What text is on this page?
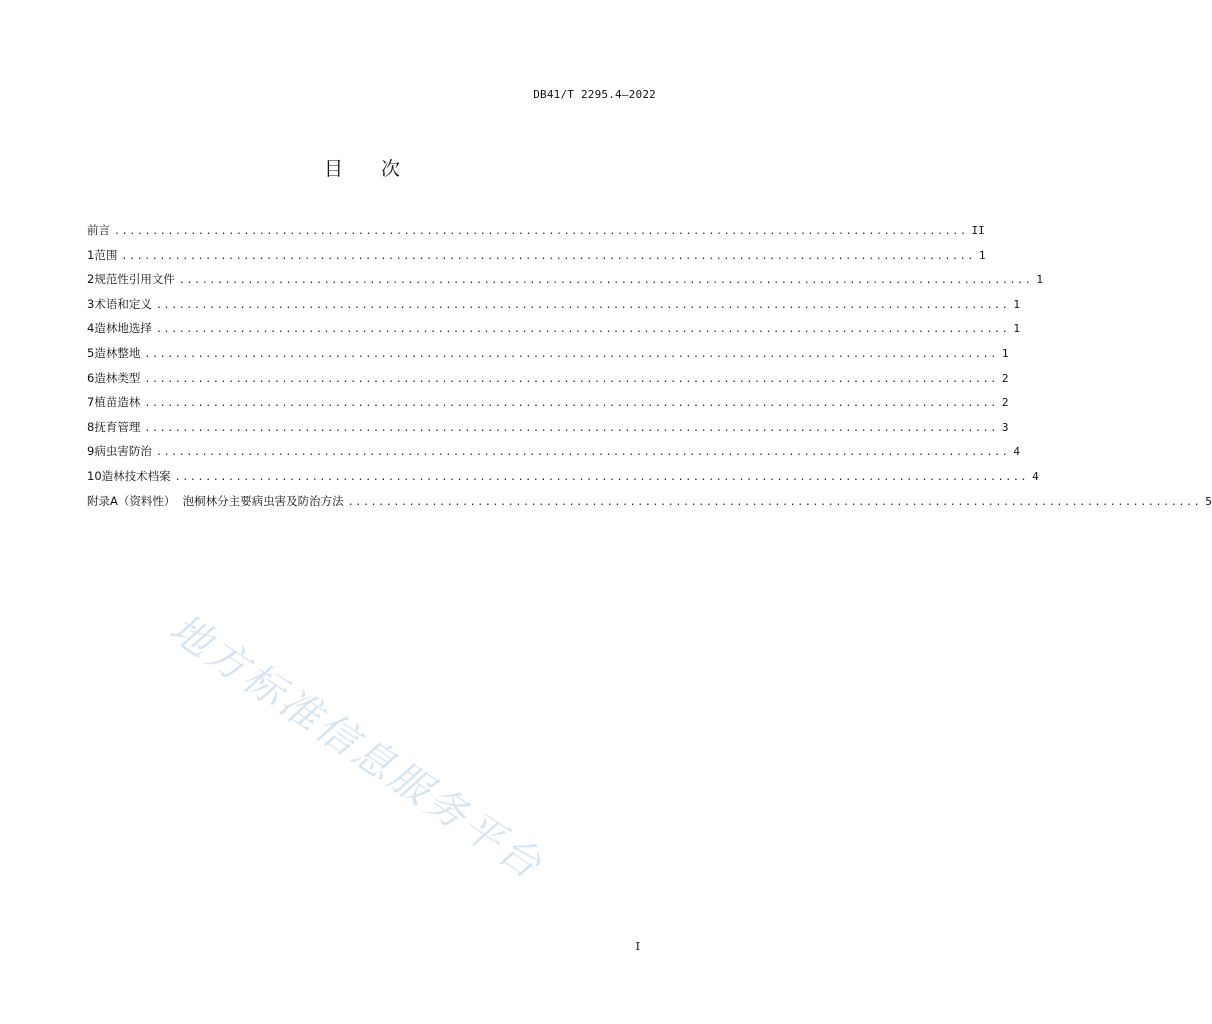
DB41/T 2295.4—2022
目 次
前言 ................................................................................................................ II
1 范围 ................................................................................................................ 1
2 规范性引用文件 ................................................................................................................ 1
3 术语和定义 ................................................................................................................ 1
4 造林地选择 ................................................................................................................ 1
5 造林整地 ................................................................................................................ 1
6 造林类型 ................................................................................................................ 2
7 植苗造林 ................................................................................................................ 2
8 抚育管理 ................................................................................................................ 3
9 病虫害防治 ................................................................................................................ 4
10 造林技术档案 ................................................................................................................ 4
附录A（资料性）  泡桐林分主要病虫害及防治方法 ................................................................................................................ 5
地方标准信息服务平台
I
